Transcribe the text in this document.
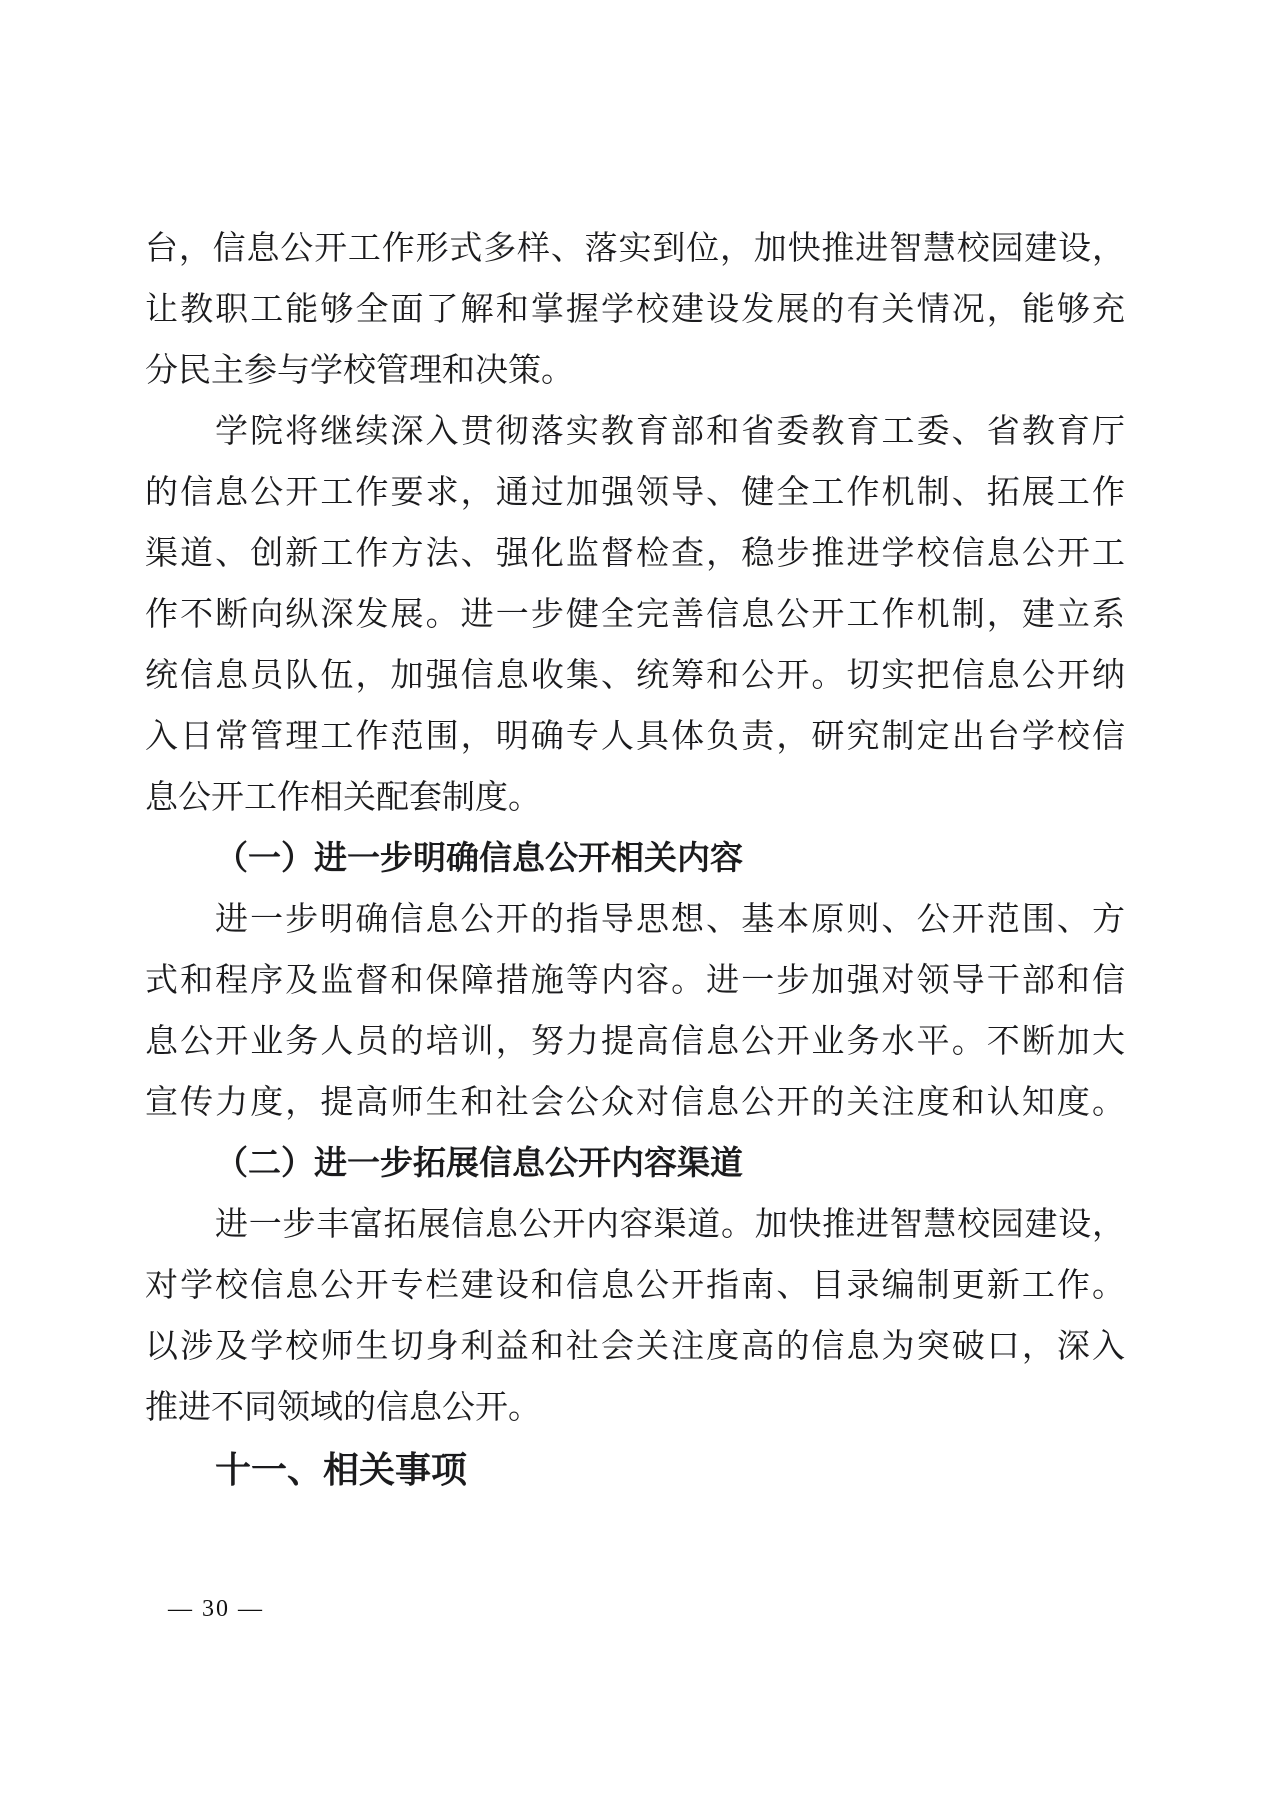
台，信息公开工作形式多样、落实到位，加快推进智慧校园建设，
让教职工能够全面了解和掌握学校建设发展的有关情况，能够充
分民主参与学校管理和决策。
学院将继续深入贯彻落实教育部和省委教育工委、省教育厅
的信息公开工作要求，通过加强领导、健全工作机制、拓展工作
渠道、创新工作方法、强化监督检查，稳步推进学校信息公开工
作不断向纵深发展。进一步健全完善信息公开工作机制，建立系
统信息员队伍，加强信息收集、统筹和公开。切实把信息公开纳
入日常管理工作范围，明确专人具体负责，研究制定出台学校信
息公开工作相关配套制度。
（一）进一步明确信息公开相关内容
进一步明确信息公开的指导思想、基本原则、公开范围、方
式和程序及监督和保障措施等内容。进一步加强对领导干部和信
息公开业务人员的培训，努力提高信息公开业务水平。不断加大
宣传力度，提高师生和社会公众对信息公开的关注度和认知度。
（二）进一步拓展信息公开内容渠道
进一步丰富拓展信息公开内容渠道。加快推进智慧校园建设，
对学校信息公开专栏建设和信息公开指南、目录编制更新工作。
以涉及学校师生切身利益和社会关注度高的信息为突破口，深入
推进不同领域的信息公开。
十一、相关事项
— 30 —
